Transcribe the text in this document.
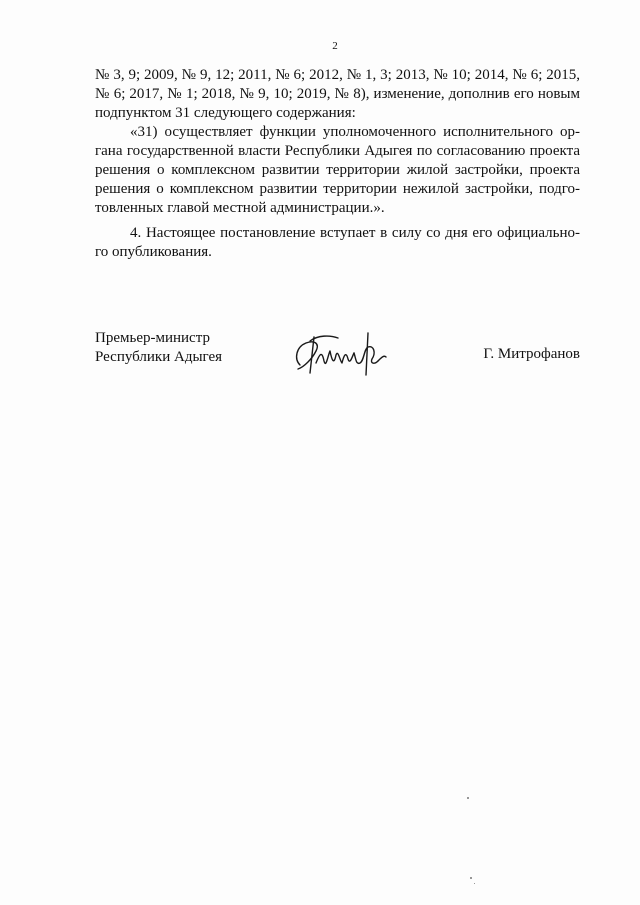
2
№ 3, 9; 2009, № 9, 12; 2011, № 6; 2012, № 1, 3; 2013, № 10; 2014, № 6; 2015,
№ 6; 2017, № 1; 2018, № 9, 10; 2019, № 8), изменение, дополнив его новым
подпунктом 31 следующего содержания:
«31) осуществляет функции уполномоченного исполнительного ор-
гана государственной власти Республики Адыгея по согласованию проекта
решения о комплексном развитии территории жилой застройки, проекта
решения о комплексном развитии территории нежилой застройки, подго-
товленных главой местной администрации.».
4. Настоящее постановление вступает в силу со дня его официально-
го опубликования.
Премьер-министр
Республики Адыгея	Г. Митрофанов
